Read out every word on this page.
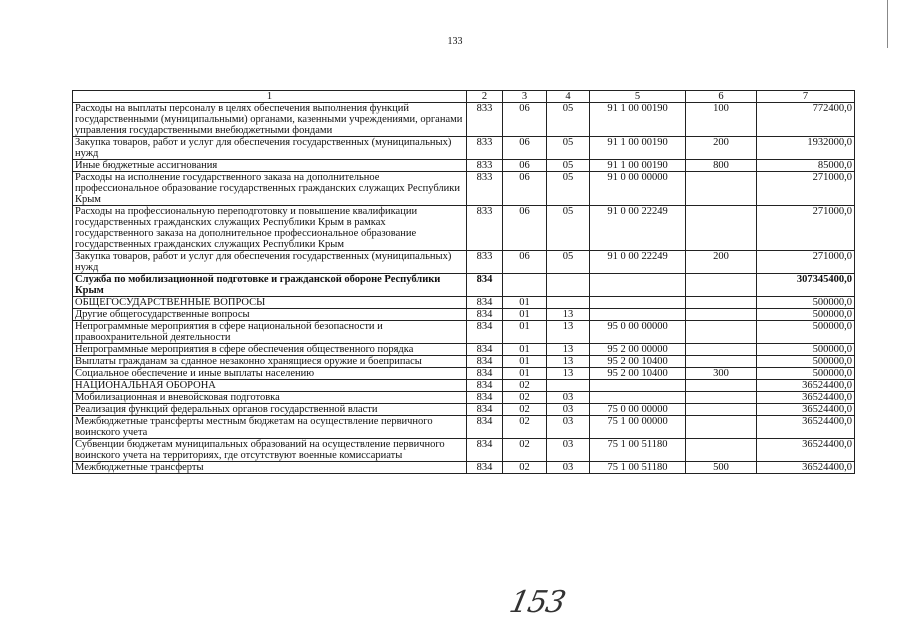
133
1	2	3	4	5	6	7
Расходы на выплаты персоналу в целях обеспечения выполнения функций государственными (муниципальными) органами, казенными учреждениями, органами управления государственными внебюджетными фондами	833	06	05	91 1 00 00190	100	772400,0
Закупка товаров, работ и услуг для обеспечения государственных (муниципальных) нужд	833	06	05	91 1 00 00190	200	1932000,0
Иные бюджетные ассигнования	833	06	05	91 1 00 00190	800	85000,0
Расходы на исполнение государственного заказа на дополнительное профессиональное образование государственных гражданских служащих Республики Крым	833	06	05	91 0 00 00000		271000,0
Расходы на профессиональную переподготовку и повышение квалификации государственных гражданских служащих Республики Крым в рамках государственного заказа на дополнительное профессиональное образование государственных гражданских служащих Республики Крым	833	06	05	91 0 00 22249		271000,0
Закупка товаров, работ и услуг для обеспечения государственных (муниципальных) нужд	833	06	05	91 0 00 22249	200	271000,0
Служба по мобилизационной подготовке и гражданской обороне Республики Крым	834					307345400,0
ОБЩЕГОСУДАРСТВЕННЫЕ ВОПРОСЫ	834	01				500000,0
Другие общегосударственные вопросы	834	01	13			500000,0
Непрограммные мероприятия в сфере национальной безопасности и правоохранительной деятельности	834	01	13	95 0 00 00000		500000,0
Непрограммные мероприятия в сфере обеспечения общественного порядка	834	01	13	95 2 00 00000		500000,0
Выплаты гражданам за сданное незаконно хранящиеся оружие и боеприпасы	834	01	13	95 2 00 10400		500000,0
Социальное обеспечение и иные выплаты населению	834	01	13	95 2 00 10400	300	500000,0
НАЦИОНАЛЬНАЯ ОБОРОНА	834	02				36524400,0
Мобилизационная и вневойсковая подготовка	834	02	03			36524400,0
Реализация функций федеральных органов государственной власти	834	02	03	75 0 00 00000		36524400,0
Межбюджетные трансферты местным бюджетам на осуществление первичного воинского учета	834	02	03	75 1 00 00000		36524400,0
Субвенции бюджетам муниципальных образований на осуществление первичного воинского учета на территориях, где отсутствуют военные комиссариаты	834	02	03	75 1 00 51180		36524400,0
Межбюджетные трансферты	834	02	03	75 1 00 51180	500	36524400,0
153
